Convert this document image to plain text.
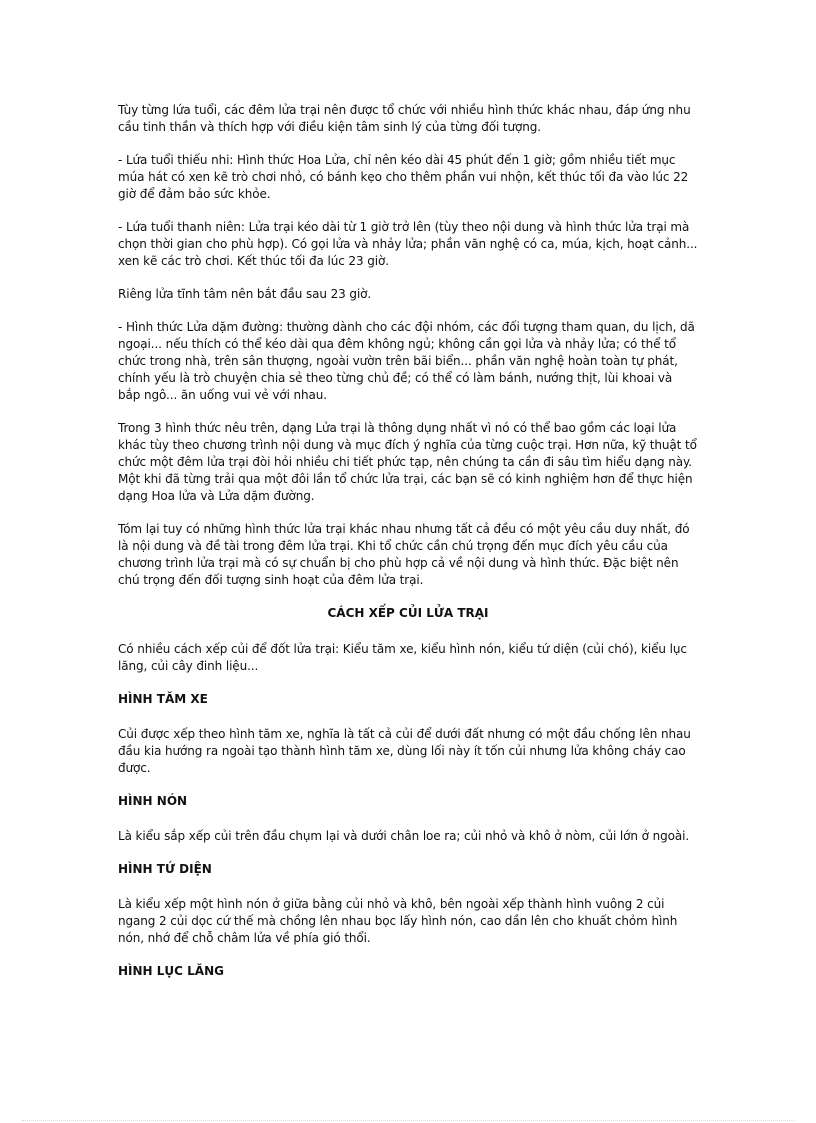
Tùy từng lứa tuổi, các đêm lửa trại nên được tổ chức với nhiều hình thức khác nhau, đáp ứng nhu cầu tinh thần và thích hợp với điều kiện tâm sinh lý của từng đối tượng.

- Lứa tuổi thiếu nhi: Hình thức Hoa Lửa, chỉ nên kéo dài 45 phút đến 1 giờ; gồm nhiều tiết mục múa hát có xen kẽ trò chơi nhỏ, có bánh kẹo cho thêm phần vui nhộn, kết thúc tối đa vào lúc 22 giờ để đảm bảo sức khỏe.

- Lứa tuổi thanh niên: Lửa trại kéo dài từ 1 giờ trở lên (tùy theo nội dung và hình thức lửa trại mà chọn thời gian cho phù hợp). Có gọi lửa và nhảy lửa; phần văn nghệ có ca, múa, kịch, hoạt cảnh... xen kẽ các trò chơi. Kết thúc tối đa lúc 23 giờ.

Riêng lửa tĩnh tâm nên bắt đầu sau 23 giờ.

- Hình thức Lửa dặm đường: thường dành cho các đội nhóm, các đối tượng tham quan, du lịch, dã ngoại... nếu thích có thể kéo dài qua đêm không ngủ; không cần gọi lửa và nhảy lửa; có thể tổ chức trong nhà, trên sân thượng, ngoài vườn trên bãi biển... phần văn nghệ hoàn toàn tự phát, chính yếu là trò chuyện chia sẻ theo từng chủ đề; có thể có làm bánh, nướng thịt, lùi khoai và bắp ngô... ăn uống vui vẻ với nhau.

Trong 3 hình thức nêu trên, dạng Lửa trại là thông dụng nhất vì nó có thể bao gồm các loại lửa khác tùy theo chương trình nội dung và mục đích ý nghĩa của từng cuộc trại. Hơn nữa, kỹ thuật tổ chức một đêm lửa trại đòi hỏi nhiều chi tiết phức tạp, nên chúng ta cần đi sâu tìm hiểu dạng này. Một khi đã từng trải qua một đôi lần tổ chức lửa trại, các bạn sẽ có kinh nghiệm hơn để thực hiện dạng Hoa lửa và Lửa dặm đường.

Tóm lại tuy có những hình thức lửa trại khác nhau nhưng tất cả đều có một yêu cầu duy nhất, đó là nội dung và đề tài trong đêm lửa trại. Khi tổ chức cần chú trọng đến mục đích yêu cầu của chương trình lửa trại mà có sự chuẩn bị cho phù hợp cả về nội dung và hình thức. Đặc biệt nên chú trọng đến đối tượng sinh hoạt của đêm lửa trại.

CÁCH XẾP CỦI LỬA TRẠI

Có nhiều cách xếp củi để đốt lửa trại: Kiểu tăm xe, kiểu hình nón, kiểu tứ diện (củi chó), kiểu lục lăng, củi cây đinh liệu...

HÌNH TĂM XE

Củi được xếp theo hình tăm xe, nghĩa là tất cả củi để dưới đất nhưng có một đầu chống lên nhau đầu kia hướng ra ngoài tạo thành hình tăm xe, dùng lối này ít tốn củi nhưng lửa không cháy cao được.

HÌNH NÓN

Là kiểu sắp xếp củi trên đầu chụm lại và dưới chân loe ra; củi nhỏ và khô ở nòm, củi lớn ở ngoài.

HÌNH TỨ DIỆN

Là kiểu xếp một hình nón ở giữa bằng củi nhỏ và khô, bên ngoài xếp thành hình vuông 2 củi ngang 2 củi dọc cứ thế mà chồng lên nhau bọc lấy hình nón, cao dần lên cho khuất chỏm hình nón, nhớ để chỗ châm lửa về phía gió thổi.

HÌNH LỤC LĂNG
